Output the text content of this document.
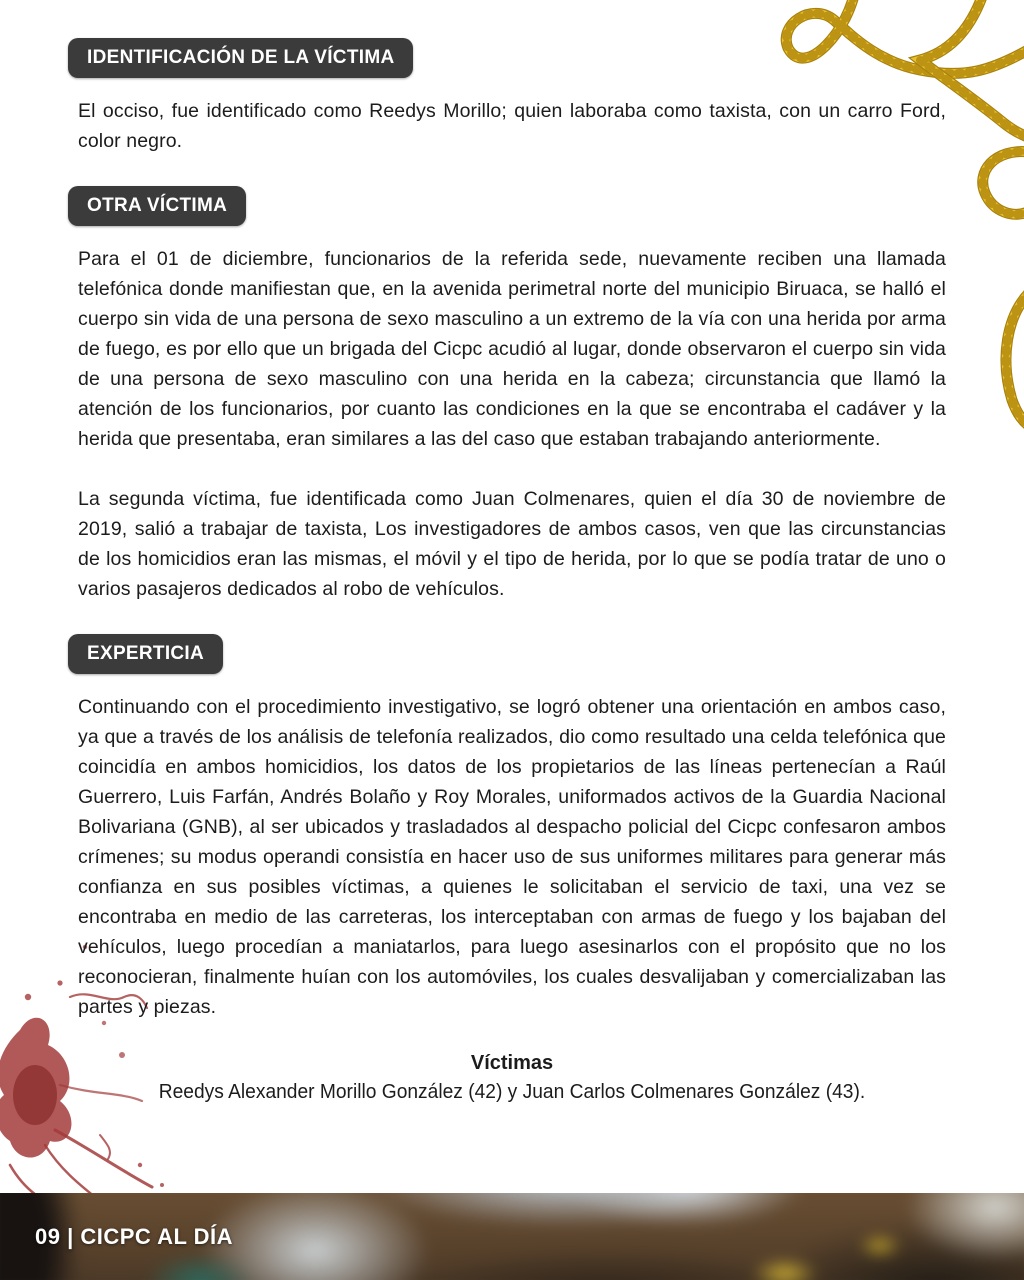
IDENTIFICACIÓN DE LA VÍCTIMA

El occiso, fue identificado como Reedys Morillo; quien laboraba como taxista, con un carro Ford, color negro.

OTRA VÍCTIMA

Para el 01 de diciembre, funcionarios de la referida sede, nuevamente reciben una llamada telefónica donde manifiestan que, en la avenida perimetral norte del municipio Biruaca, se halló el cuerpo sin vida de una persona de sexo masculino a un extremo de la vía con una herida por arma de fuego, es por ello que un brigada del Cicpc acudió al lugar, donde observaron el cuerpo sin vida de una persona de sexo masculino con una herida en la cabeza; circunstancia que llamó la atención de los funcionarios, por cuanto las condiciones en la que se encontraba el cadáver y la herida que presentaba, eran similares a las del caso que estaban trabajando anteriormente.

La segunda víctima, fue identificada como Juan Colmenares, quien el día 30 de noviembre de 2019, salió a trabajar de taxista, Los investigadores de ambos casos, ven que las circunstancias de los homicidios eran las mismas, el móvil y el tipo de herida, por lo que se podía tratar de uno o varios pasajeros dedicados al robo de vehículos.

EXPERTICIA

Continuando con el procedimiento investigativo, se logró obtener una orientación en ambos caso, ya que a través de los análisis de telefonía realizados, dio como resultado una celda telefónica que coincidía en ambos homicidios, los datos de los propietarios de las líneas pertenecían a Raúl Guerrero, Luis Farfán, Andrés Bolaño y Roy Morales, uniformados activos de la Guardia Nacional Bolivariana (GNB), al ser ubicados y trasladados al despacho policial del Cicpc confesaron ambos crímenes; su modus operandi consistía en hacer uso de sus uniformes militares para generar más confianza en sus posibles víctimas, a quienes le solicitaban el servicio de taxi, una vez se encontraba en medio de las carreteras, los interceptaban con armas de fuego y los bajaban del vehículos, luego procedían a maniatarlos, para luego asesinarlos con el propósito que no los reconocieran, finalmente huían con los automóviles, los cuales desvalijaban y comercializaban las partes y piezas.

Víctimas

Reedys Alexander Morillo González (42) y Juan Carlos Colmenares González (43).

09 | CICPC AL DÍA
